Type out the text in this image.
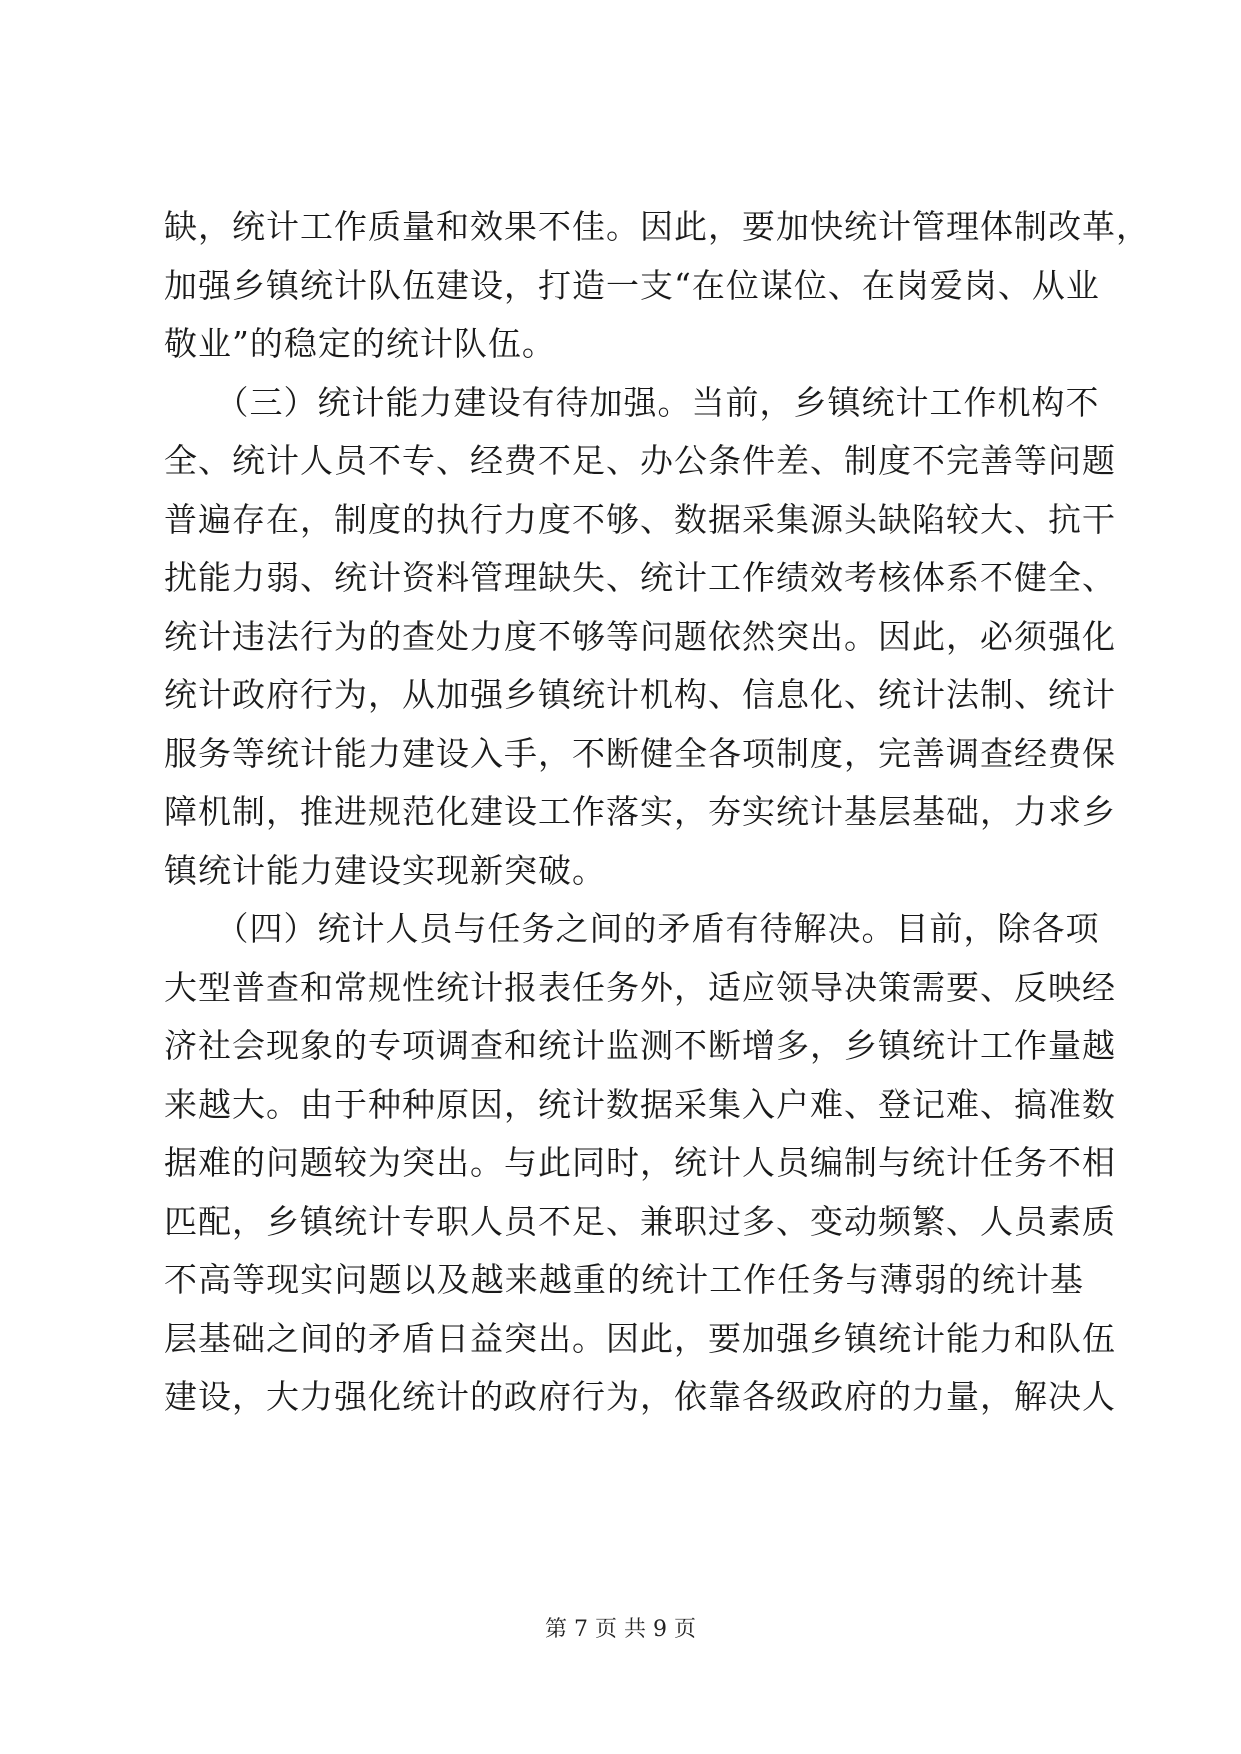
缺，统计工作质量和效果不佳。因此，要加快统计管理体制改革，
加强乡镇统计队伍建设，打造一支“在位谋位、在岗爱岗、从业
敬业”的稳定的统计队伍。
　　（三）统计能力建设有待加强。当前，乡镇统计工作机构不
全、统计人员不专、经费不足、办公条件差、制度不完善等问题
普遍存在，制度的执行力度不够、数据采集源头缺陷较大、抗干
扰能力弱、统计资料管理缺失、统计工作绩效考核体系不健全、
统计违法行为的查处力度不够等问题依然突出。因此，必须强化
统计政府行为，从加强乡镇统计机构、信息化、统计法制、统计
服务等统计能力建设入手，不断健全各项制度，完善调查经费保
障机制，推进规范化建设工作落实，夯实统计基层基础，力求乡
镇统计能力建设实现新突破。
　　（四）统计人员与任务之间的矛盾有待解决。目前，除各项
大型普查和常规性统计报表任务外，适应领导决策需要、反映经
济社会现象的专项调查和统计监测不断增多，乡镇统计工作量越
来越大。由于种种原因，统计数据采集入户难、登记难、搞准数
据难的问题较为突出。与此同时，统计人员编制与统计任务不相
匹配，乡镇统计专职人员不足、兼职过多、变动频繁、人员素质
不高等现实问题以及越来越重的统计工作任务与薄弱的统计基
层基础之间的矛盾日益突出。因此，要加强乡镇统计能力和队伍
建设，大力强化统计的政府行为，依靠各级政府的力量，解决人
第 7 页 共 9 页
